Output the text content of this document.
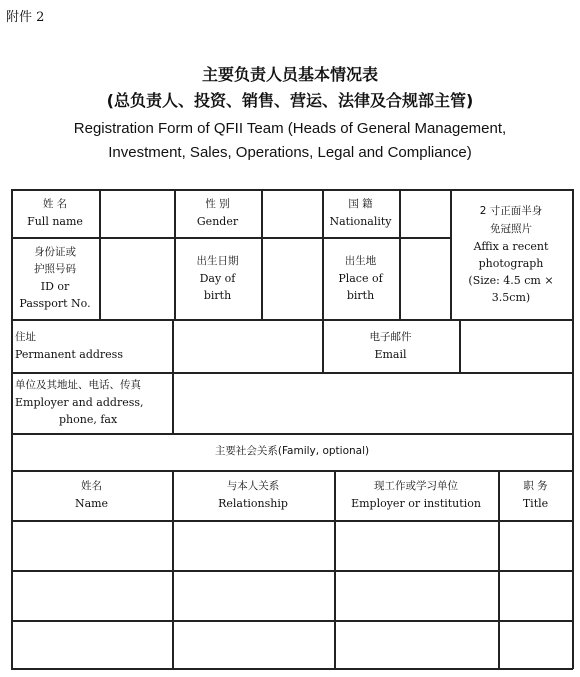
附件 2
主要负责人员基本情况表
(总负责人、投资、销售、营运、法律及合规部主管)
Registration Form of QFII Team (Heads of General Management,
Investment, Sales, Operations, Legal and Compliance)
姓 名
Full name
性 别
Gender
国 籍
Nationality
2 寸正面半身免冠照片
Affix a recent
photograph
(Size: 4.5 cm ×
3.5cm)
身份证或
护照号码
ID or
Passport No.
出生日期
Day of
birth
出生地
Place of
birth
住址
Permanent address
电子邮件
Email
单位及其地址、电话、传真
Employer and address,
phone, fax
主要社会关系(Family, optional)
姓名
Name
与本人关系
Relationship
现工作或学习单位
Employer or institution
职 务
Title
